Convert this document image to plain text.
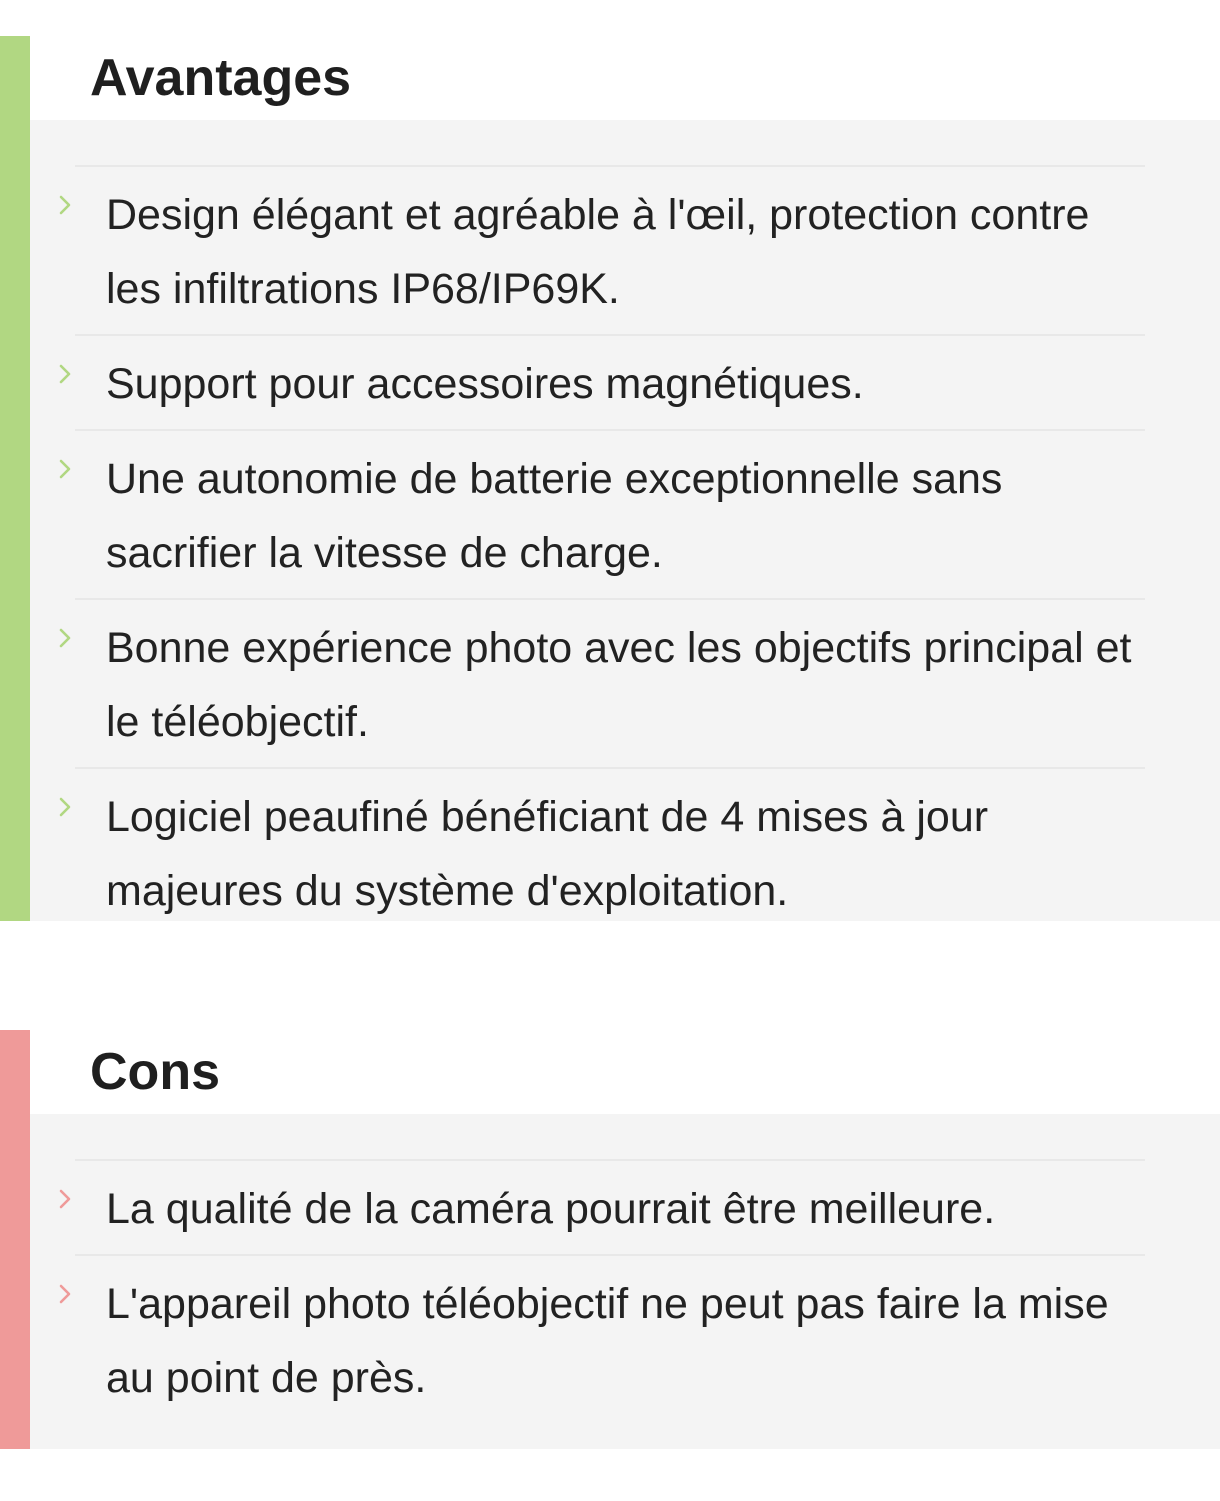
Avantages
Design élégant et agréable à l'œil, protection contre les infiltrations IP68/IP69K.
Support pour accessoires magnétiques.
Une autonomie de batterie exceptionnelle sans sacrifier la vitesse de charge.
Bonne expérience photo avec les objectifs principal et le téléobjectif.
Logiciel peaufiné bénéficiant de 4 mises à jour majeures du système d'exploitation.
Cons
La qualité de la caméra pourrait être meilleure.
L'appareil photo téléobjectif ne peut pas faire la mise au point de près.
